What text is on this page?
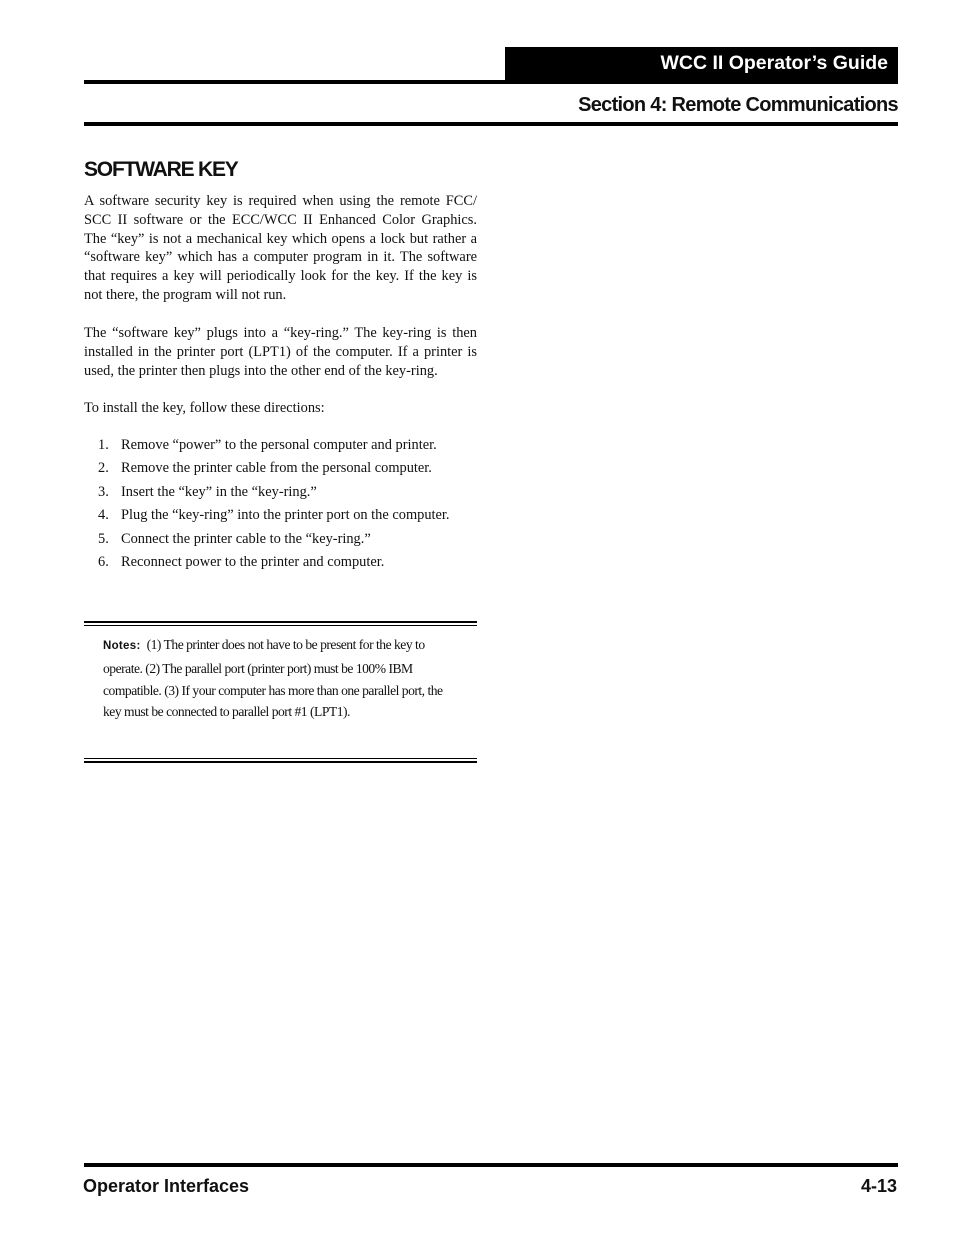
WCC II Operator’s Guide
Section 4: Remote Communications
SOFTWARE KEY

A software security key is required when using the remote FCC/ SCC II software or the ECC/WCC II Enhanced Color Graphics. The “key” is not a mechanical key which opens a lock but rather a “software key” which has a computer program in it. The software that requires a key will periodically look for the key. If the key is not there, the program will not run.

The “software key” plugs into a “key-ring.” The key-ring is then installed in the printer port (LPT1) of the computer. If a printer is used, the printer then plugs into the other end of the key-ring.

To install the key, follow these directions:

1. Remove “power” to the personal computer and printer.
2. Remove the printer cable from the personal computer.
3. Insert the “key” in the “key-ring.”
4. Plug the “key-ring” into the printer port on the computer.
5. Connect the printer cable to the “key-ring.”
6. Reconnect power to the printer and computer.

Notes: (1) The printer does not have to be present for the key to operate. (2) The parallel port (printer port) must be 100% IBM compatible. (3) If your computer has more than one parallel port, the key must be connected to parallel port #1 (LPT1).

Operator Interfaces	4-13
